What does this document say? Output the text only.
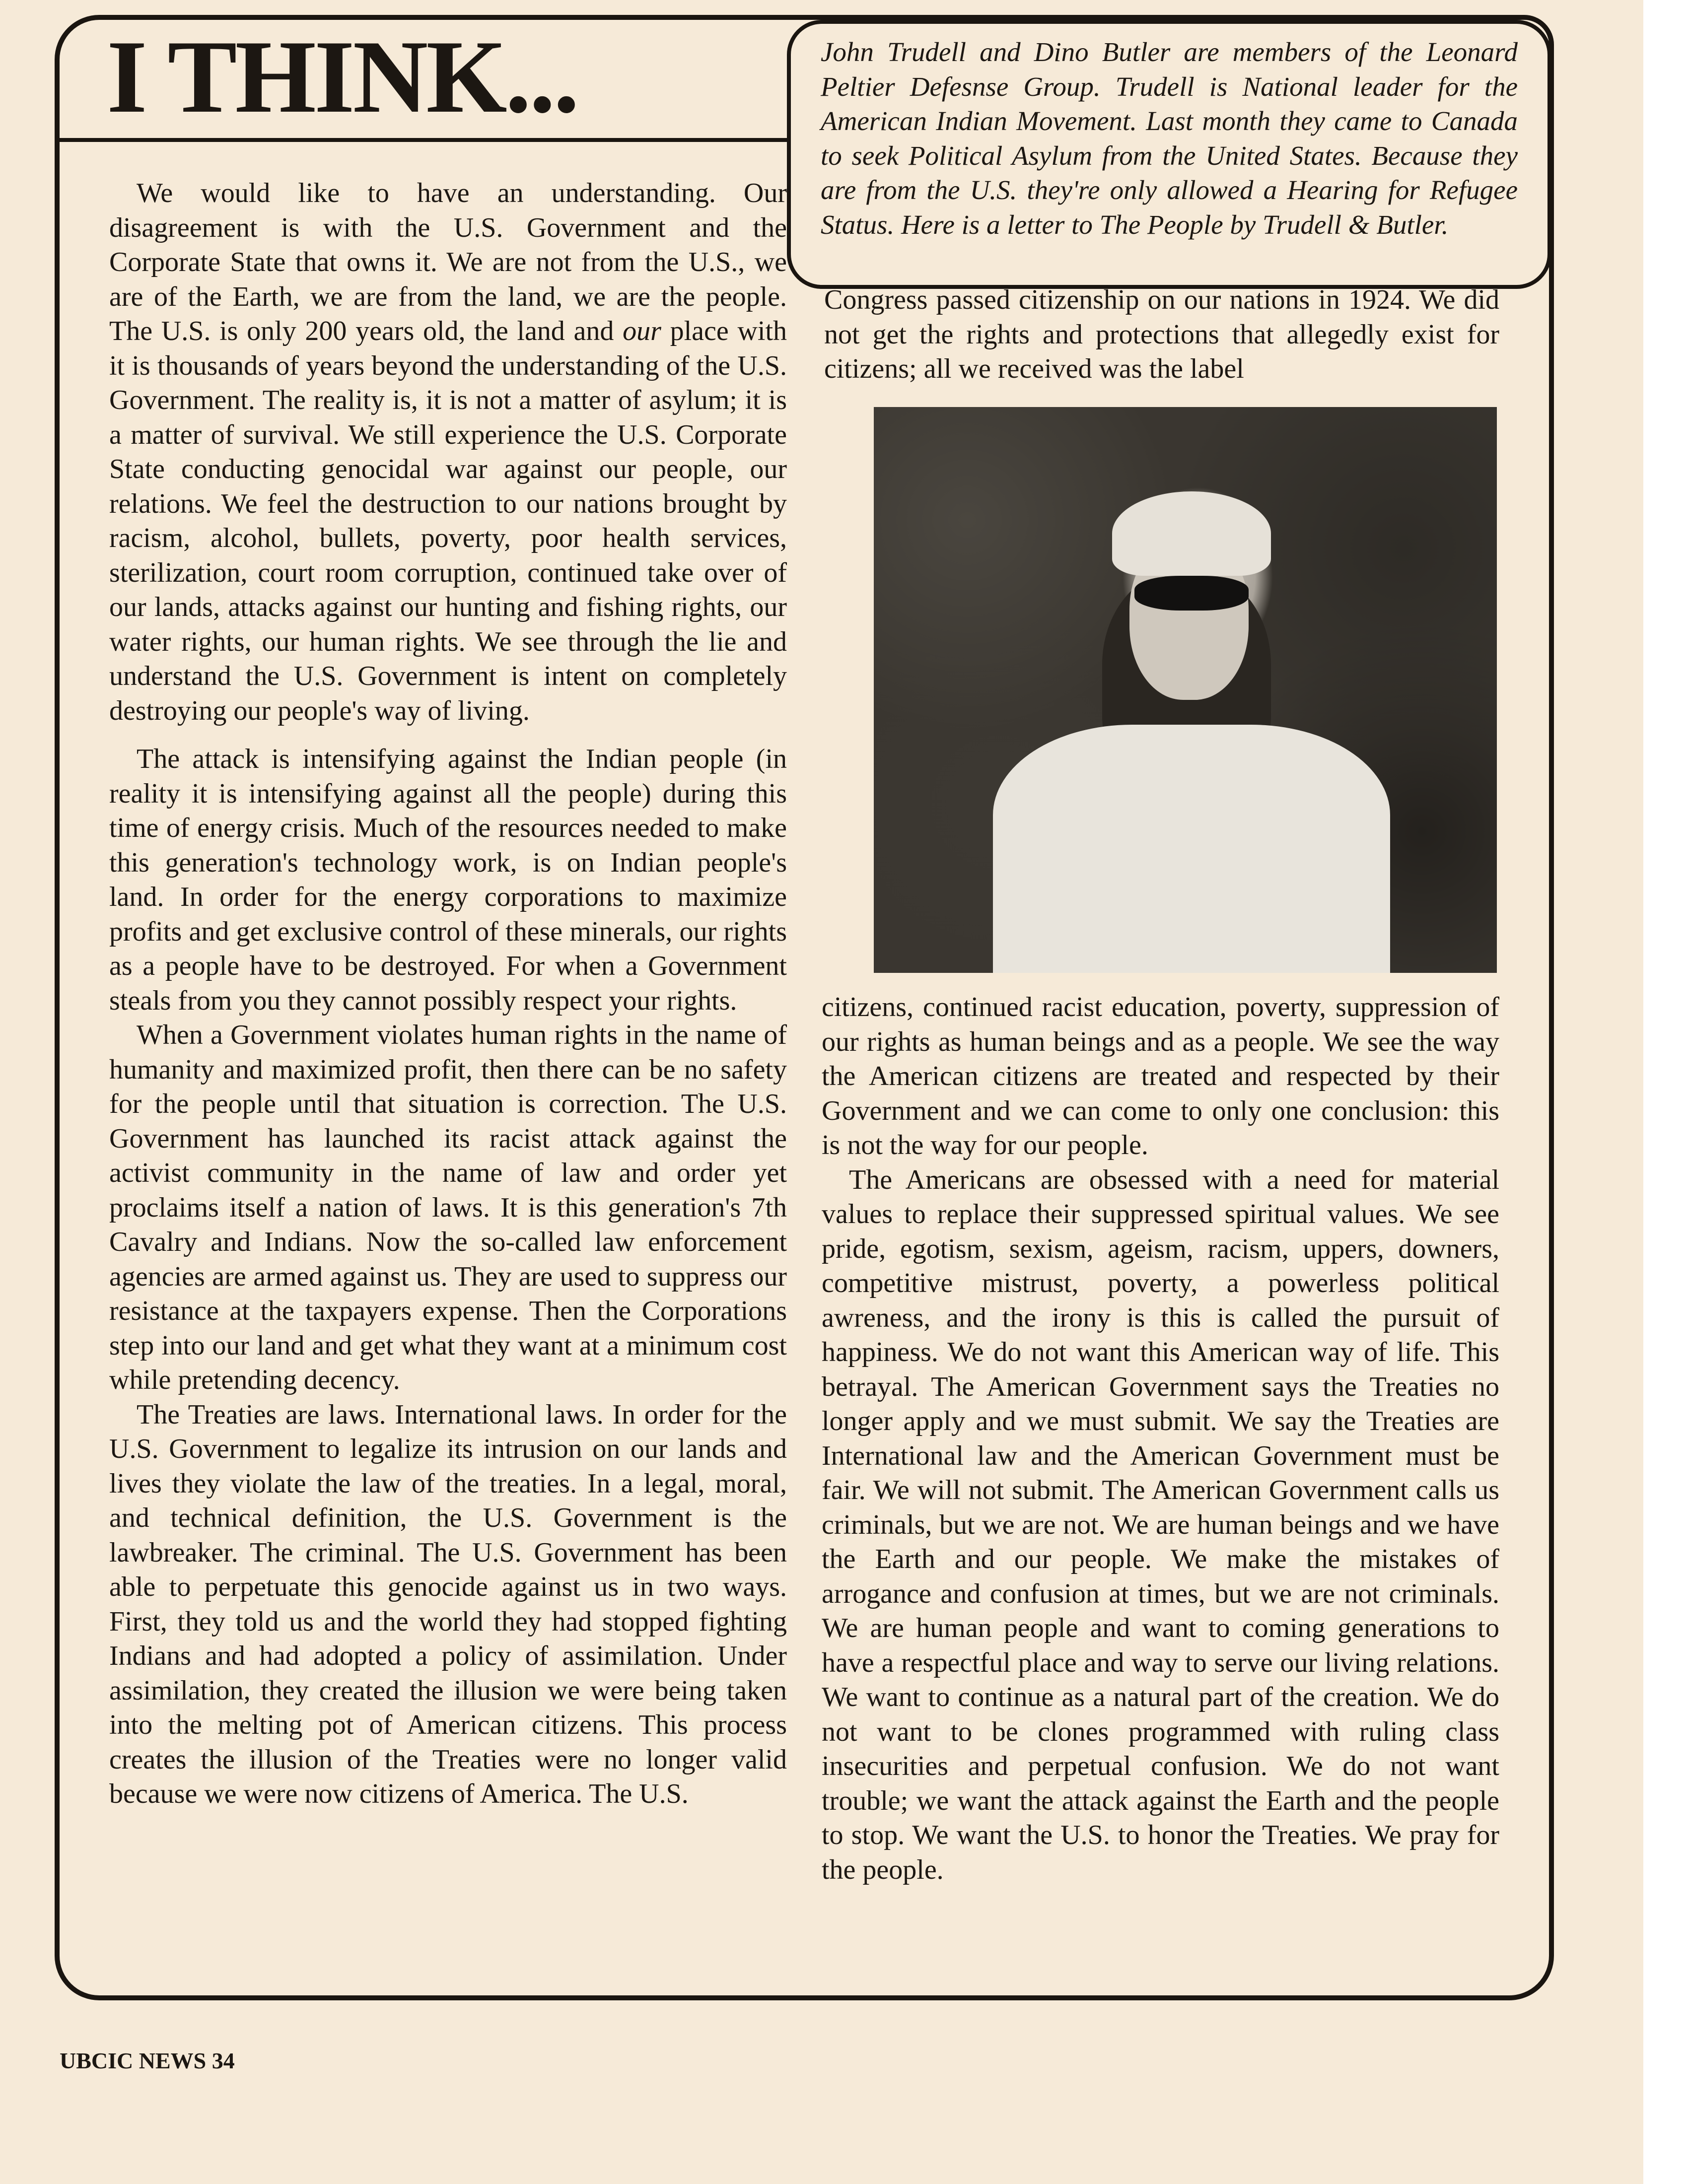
I THINK...	John Trudell and Dino Butler are members of the Leonard Peltier Defesnse Group. Trudell is National leader for the American Indian Movement. Last month they came to Canada to seek Political Asylum from the United States. Because they are from the U.S. they're only allowed a Hearing for Refugee Status. Here is a letter to The People by Trudell & Butler.

We would like to have an understanding. Our disagreement is with the U.S. Government and the Corporate State that owns it. We are not from the U.S., we are of the Earth, we are from the land, we are the people. The U.S. is only 200 years old, the land and our place with it is thousands of years beyond the understanding of the U.S. Government. The reality is, it is not a matter of asylum; it is a matter of survival. We still experience the U.S. Corporate State conducting genocidal war against our people, our relations. We feel the destruction to our nations brought by racism, alcohol, bullets, poverty, poor health services, sterilization, court room corruption, continued take over of our lands, attacks against our hunting and fishing rights, our water rights, our human rights. We see through the lie and understand the U.S. Government is intent on completely destroying our people's way of living.

The attack is intensifying against the Indian people (in reality it is intensifying against all the people) during this time of energy crisis. Much of the resources needed to make this generation's technology work, is on Indian people's land. In order for the energy corporations to maximize profits and get exclusive control of these minerals, our rights as a people have to be destroyed. For when a Government steals from you they cannot possibly respect your rights.

When a Government violates human rights in the name of humanity and maximized profit, then there can be no safety for the people until that situation is correction. The U.S. Government has launched its racist attack against the activist community in the name of law and order yet proclaims itself a nation of laws. It is this generation's 7th Cavalry and Indians. Now the so-called law enforcement agencies are armed against us. They are used to suppress our resistance at the taxpayers expense. Then the Corporations step into our land and get what they want at a minimum cost while pretending decency.

The Treaties are laws. International laws. In order for the U.S. Government to legalize its intrusion on our lands and lives they violate the law of the treaties. In a legal, moral, and technical definition, the U.S. Government is the lawbreaker. The criminal. The U.S. Government has been able to perpetuate this genocide against us in two ways. First, they told us and the world they had stopped fighting Indians and had adopted a policy of assimilation. Under assimilation, they created the illusion we were being taken into the melting pot of American citizens. This process creates the illusion of the Treaties were no longer valid because we were now citizens of America. The U.S.

Congress passed citizenship on our nations in 1924. We did not get the rights and protections that allegedly exist for citizens; all we received was the label

citizens, continued racist education, poverty, suppression of our rights as human beings and as a people. We see the way the American citizens are treated and respected by their Government and we can come to only one conclusion: this is not the way for our people.

The Americans are obsessed with a need for material values to replace their suppressed spiritual values. We see pride, egotism, sexism, ageism, racism, uppers, downers, competitive mistrust, poverty, a powerless political awreness, and the irony is this is called the pursuit of happiness. We do not want this American way of life. This betrayal. The American Government says the Treaties no longer apply and we must submit. We say the Treaties are International law and the American Government must be fair. We will not submit. The American Government calls us criminals, but we are not. We are human beings and we have the Earth and our people. We make the mistakes of arrogance and confusion at times, but we are not criminals. We are human people and want to coming generations to have a respectful place and way to serve our living relations. We want to continue as a natural part of the creation. We do not want to be clones programmed with ruling class insecurities and perpetual confusion. We do not want trouble; we want the attack against the Earth and the people to stop. We want the U.S. to honor the Treaties. We pray for the people.

UBCIC NEWS 34
